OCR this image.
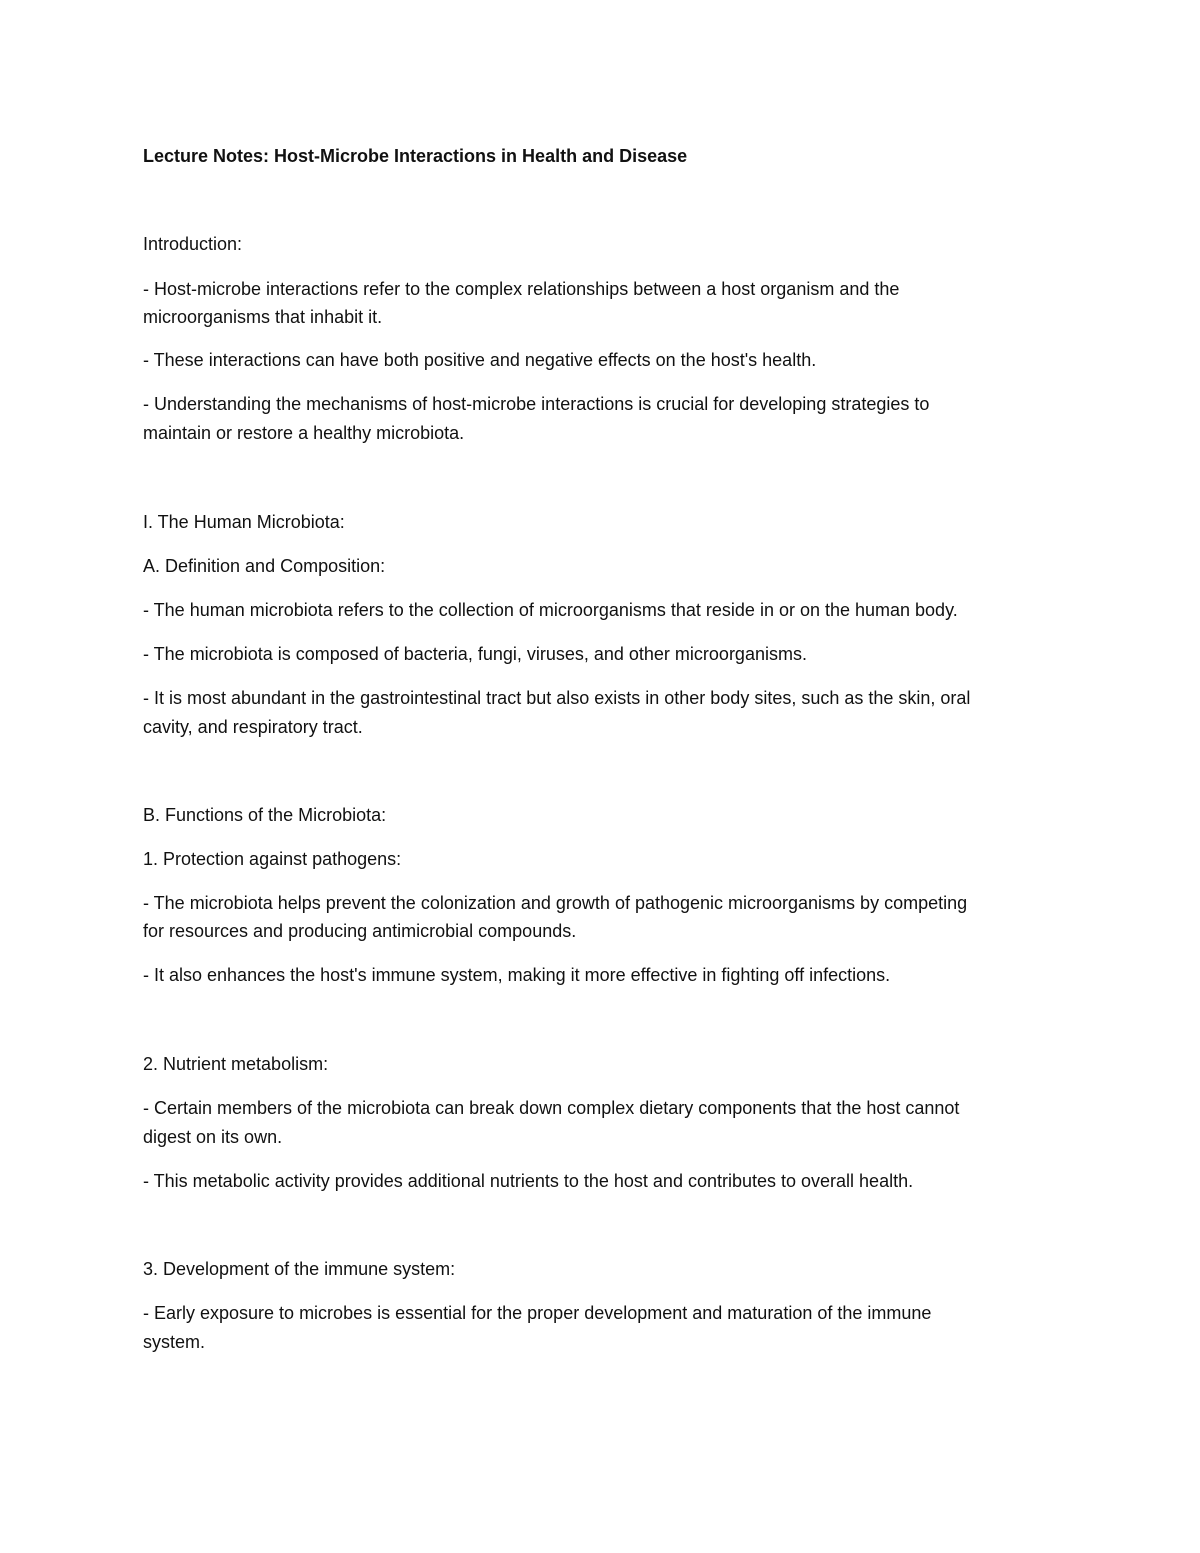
Lecture Notes: Host-Microbe Interactions in Health and Disease
Introduction:
- Host-microbe interactions refer to the complex relationships between a host organism and the
microorganisms that inhabit it.
- These interactions can have both positive and negative effects on the host's health.
- Understanding the mechanisms of host-microbe interactions is crucial for developing strategies to
maintain or restore a healthy microbiota.
I. The Human Microbiota:
A. Definition and Composition:
- The human microbiota refers to the collection of microorganisms that reside in or on the human body.
- The microbiota is composed of bacteria, fungi, viruses, and other microorganisms.
- It is most abundant in the gastrointestinal tract but also exists in other body sites, such as the skin, oral
cavity, and respiratory tract.
B. Functions of the Microbiota:
1. Protection against pathogens:
- The microbiota helps prevent the colonization and growth of pathogenic microorganisms by competing
for resources and producing antimicrobial compounds.
- It also enhances the host's immune system, making it more effective in fighting off infections.
2. Nutrient metabolism:
- Certain members of the microbiota can break down complex dietary components that the host cannot
digest on its own.
- This metabolic activity provides additional nutrients to the host and contributes to overall health.
3. Development of the immune system:
- Early exposure to microbes is essential for the proper development and maturation of the immune
system.
